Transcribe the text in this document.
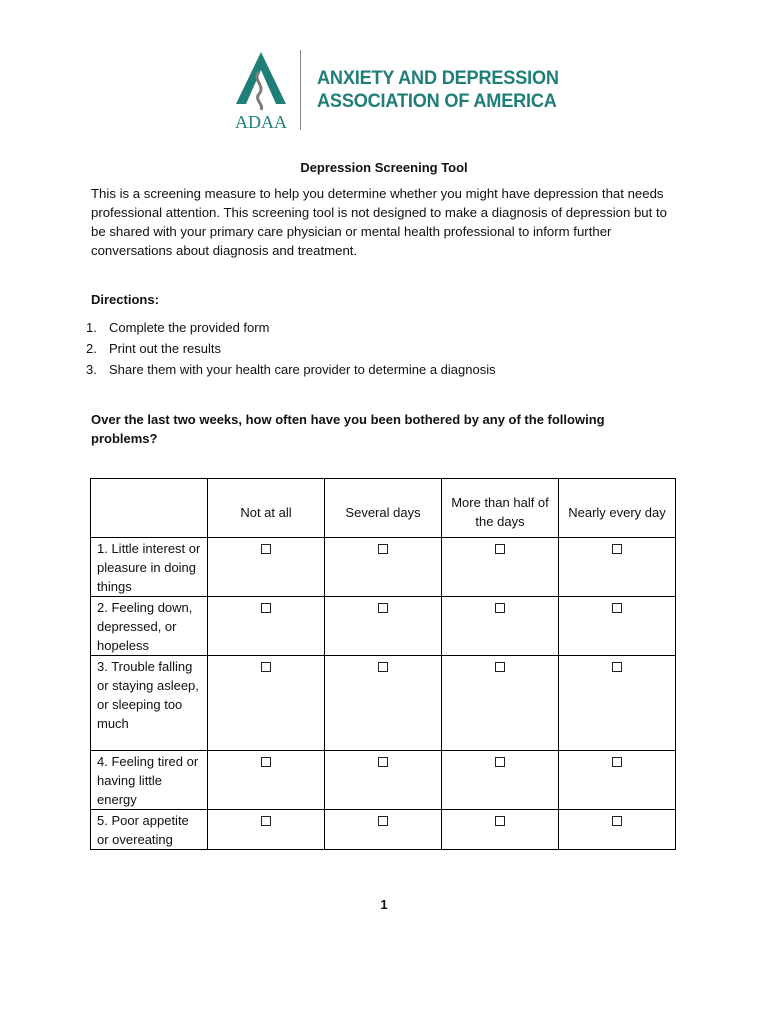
ADAA
ANXIETY AND DEPRESSION
ASSOCIATION OF AMERICA
Depression Screening Tool
This is a screening measure to help you determine whether you might have depression that needs professional attention. This screening tool is not designed to make a diagnosis of depression but to be shared with your primary care physician or mental health professional to inform further conversations about diagnosis and treatment.
Directions:
1. Complete the provided form
2. Print out the results
3. Share them with your health care provider to determine a diagnosis
Over the last two weeks, how often have you been bothered by any of the following problems?
	Not at all	Several days	More than half of the days	Nearly every day
1. Little interest or pleasure in doing things	

2. Feeling down, depressed, or hopeless	

3. Trouble falling or staying asleep, or sleeping too much	

4. Feeling tired or having little energy	

5. Poor appetite or overeating	

1
